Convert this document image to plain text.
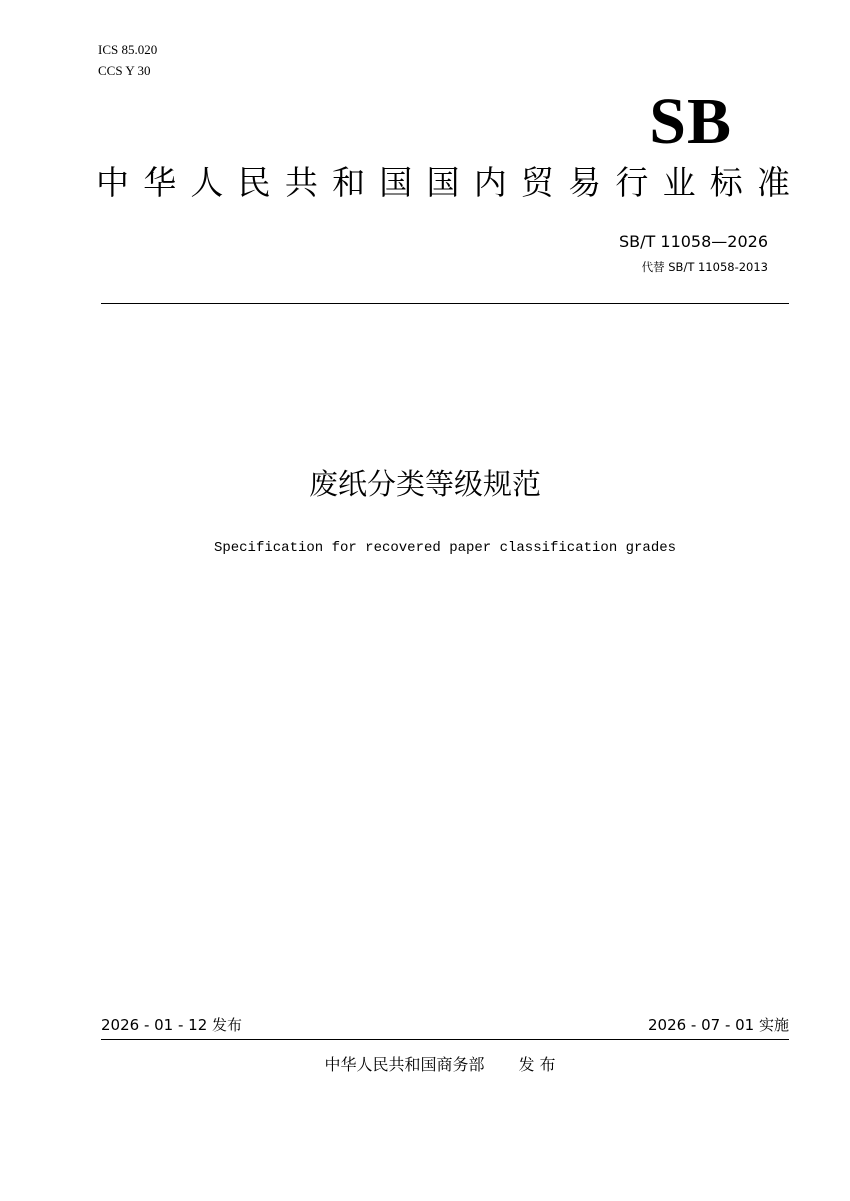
ICS 85.020
CCS Y 30
SB
中 华 人 民 共 和 国 国 内 贸 易 行 业 标 准
SB/T 11058—2026
代替 SB/T 11058-2013
废纸分类等级规范
Specification for recovered paper classification grades
2026 - 01 - 12 发布	2026 - 07 - 01 实施
中华人民共和国商务部 发 布
